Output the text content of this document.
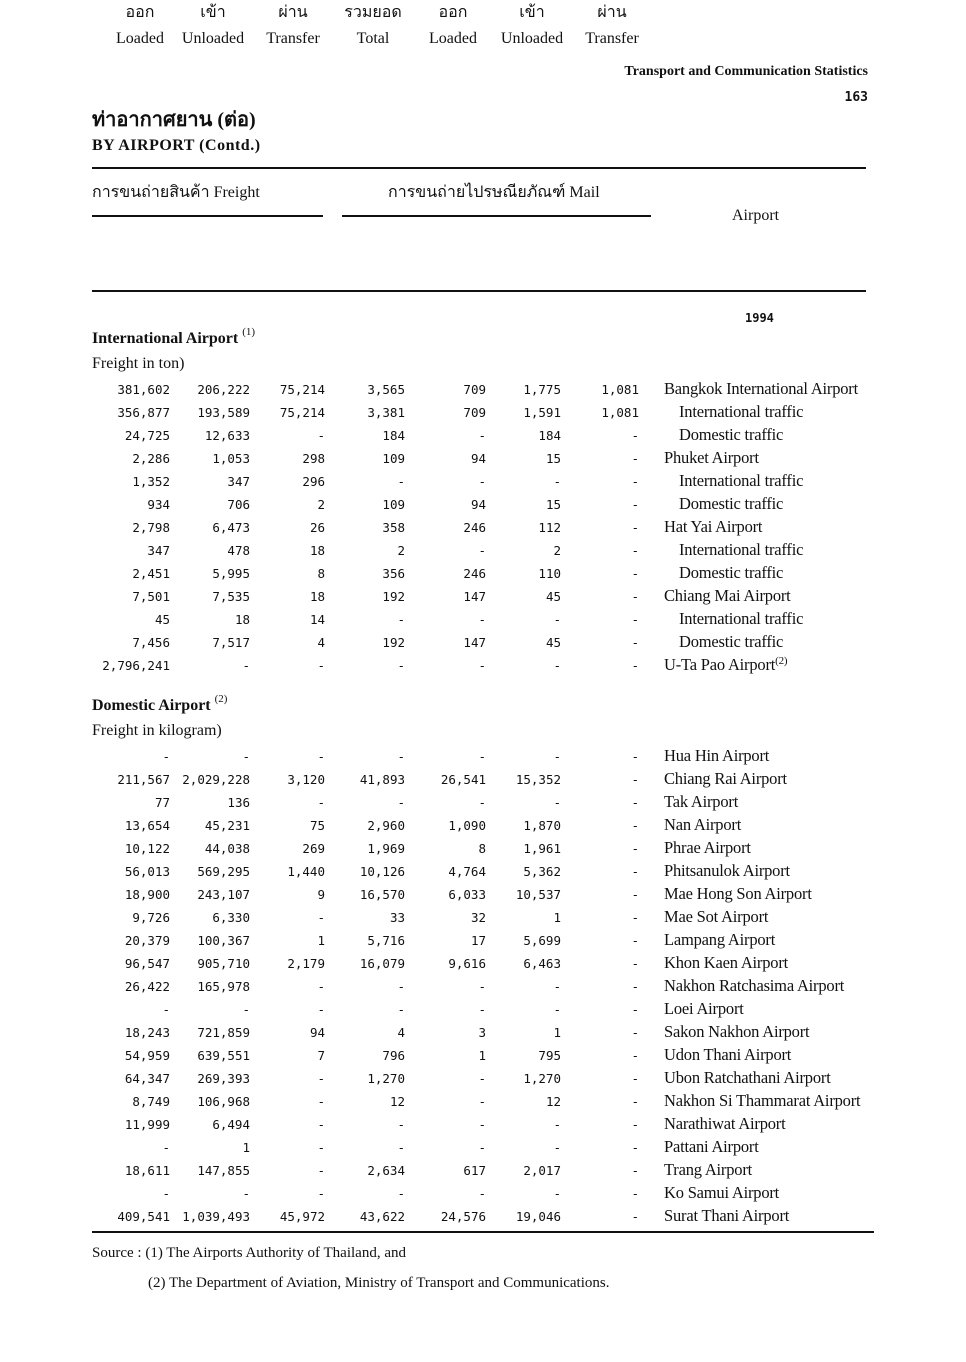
Transport and Communication Statistics
163
ท่าอากาศยาน (ต่อ)
BY AIRPORT (Contd.)
การขนถ่ายสินค้า Freight	การขนถ่ายไปรษณียภัณฑ์ Mail
ออก
Loaded
เข้า
Unloaded
ผ่าน
Transfer
รวมยอด
Total
ออก
Loaded
เข้า
Unloaded
ผ่าน
Transfer
Airport
1994
International Airport $^{(1)}$
Freight in ton)
Domestic Airport $^{(2)}$
Freight in kilogram)
381,602 206,222 75,214	3,565	709	1,775	1,081 Bangkok International Airport
356,877 193,589 75,214	3,381	709	1,591	1,081 International traffic
24,725	12,633	-	184	-	184	- Domestic traffic
2,286	1,053	298	109	94	15	- Phuket Airport
1,352	347	296	-	-	-	- International traffic
934	706	2	109	94	15	- Domestic traffic
2,798	6,473	26	358	246	112	- Hat Yai Airport
347	478	18	2	-	2	- International traffic
2,451	5,995	8	356	246	110	- Domestic traffic
7,501	7,535	18	192	147	45	- Chiang Mai Airport
45	18	14	-	-	-	- International traffic
7,456	7,517	4	192	147	45	- Domestic traffic
2,796,241	-	-	-	-	-	- U-Ta Pao Airport$^{(2)}$
-	-	-	-	-	-	- Hua Hin Airport
211,567 2,029,228	3,120	41,893	26,541 15,352	- Chiang Rai Airport
77	136	-	-	-	-	- Tak Airport
13,654	45,231	75	2,960	1,090	1,870	- Nan Airport
10,122	44,038	269	1,969	8	1,961	- Phrae Airport
56,013 569,295	1,440	10,126	4,764	5,362	- Phitsanulok Airport
18,900 243,107	9	16,570	6,033 10,537	- Mae Hong Son Airport
9,726	6,330	-	33	32	1	- Mae Sot Airport
20,379 100,367	1	5,716	17	5,699	- Lampang Airport
96,547 905,710	2,179	16,079	9,616	6,463	- Khon Kaen Airport
26,422 165,978	-	-	-	-	- Nakhon Ratchasima Airport
-	-	-	-	-	-	- Loei Airport
18,243 721,859	94	4	3	1	- Sakon Nakhon Airport
54,959 639,551	7	796	1	795	- Udon Thani Airport
64,347 269,393	-	1,270	-	1,270	- Ubon Ratchathani Airport
8,749 106,968	-	12	-	12	- Nakhon Si Thammarat Airport
11,999	6,494	-	-	-	-	- Narathiwat Airport
-	1	-	-	-	-	- Pattani Airport
18,611 147,855	-	2,634	617	2,017	- Trang Airport
-	-	-	-	-	-	- Ko Samui Airport
409,541 1,039,493 45,972	43,622	24,576 19,046	- Surat Thani Airport
Source : (1) The Airports Authority of Thailand, and
(2) The Department of Aviation, Ministry of Transport and Communications.
